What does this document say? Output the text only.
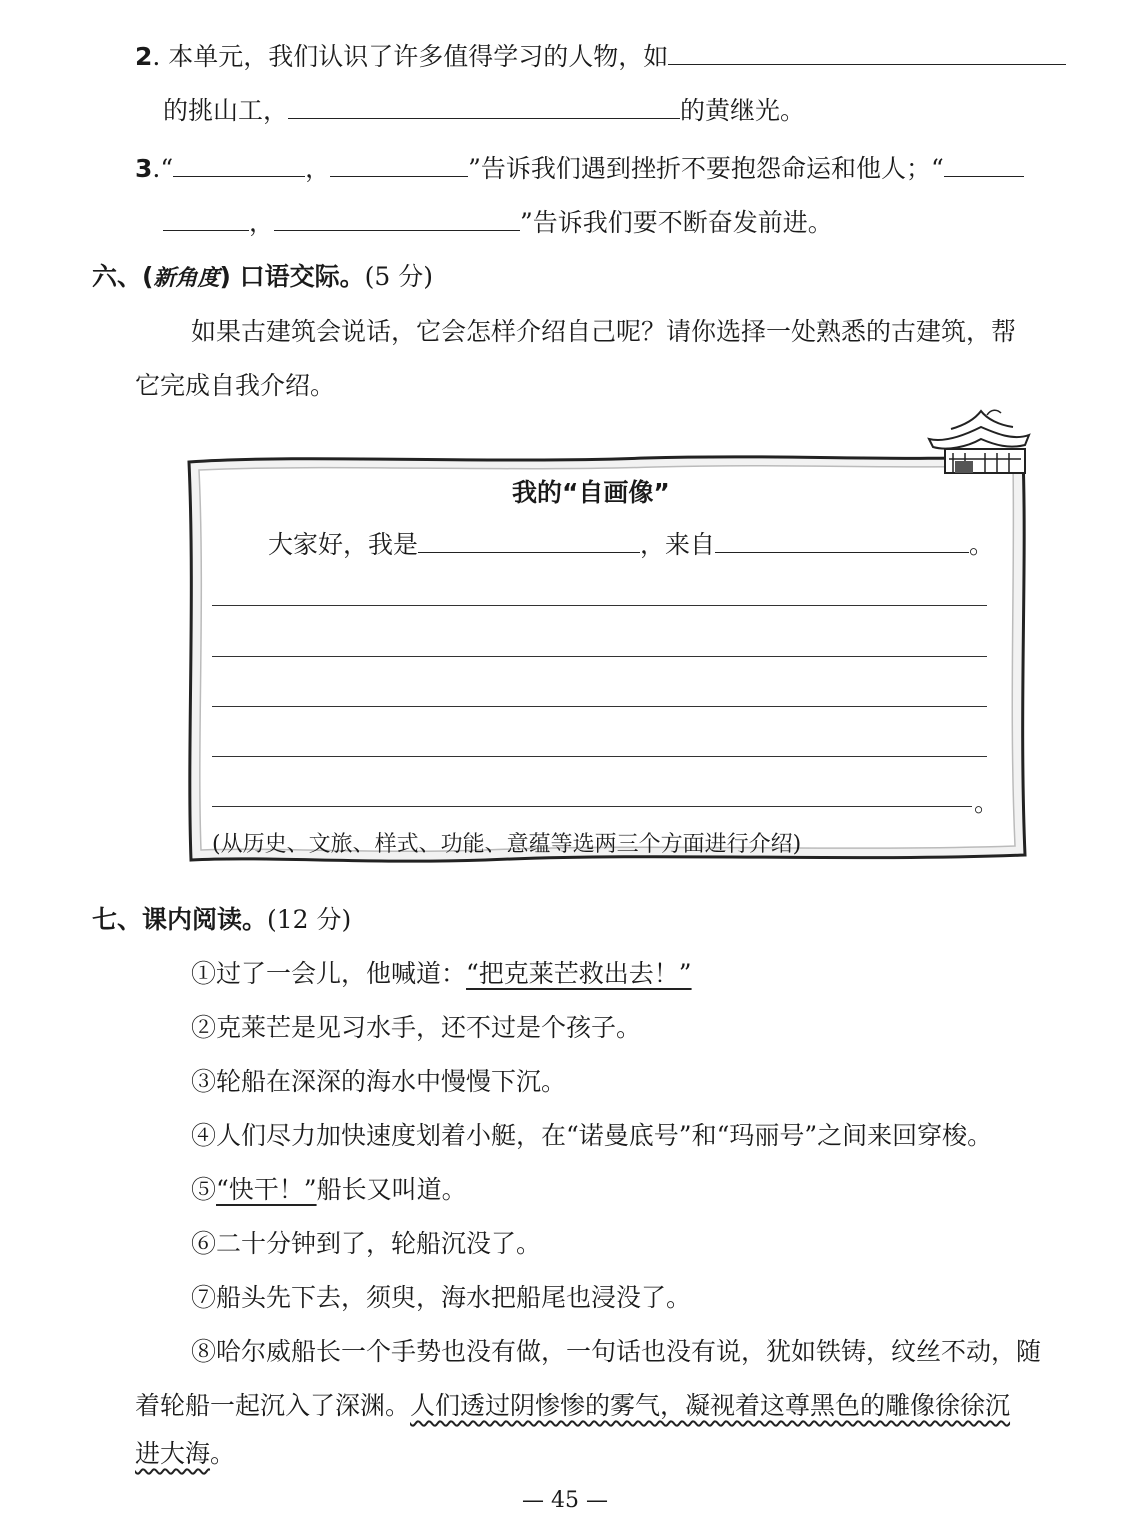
2. 本单元，我们认识了许多值得学习的人物，如
的挑山工，	的黄继光。
3.“	，	”告诉我们遇到挫折不要抱怨命运和他人；“
，	”告诉我们要不断奋发前进。
六、(新角度) 口语交际。(5 分)
如果古建筑会说话，它会怎样介绍自己呢？请你选择一处熟悉的古建筑，帮
它完成自我介绍。
我的“自画像”
大家好，我是	，来自	。
。
(从历史、文旅、样式、功能、意蕴等选两三个方面进行介绍)
七、课内阅读。(12 分)
①过了一会儿，他喊道：“把克莱芒救出去！”
②克莱芒是见习水手，还不过是个孩子。
③轮船在深深的海水中慢慢下沉。
④人们尽力加快速度划着小艇，在“诺曼底号”和“玛丽号”之间来回穿梭。
⑤“快干！”船长又叫道。
⑥二十分钟到了，轮船沉没了。
⑦船头先下去，须臾，海水把船尾也浸没了。
⑧哈尔威船长一个手势也没有做，一句话也没有说，犹如铁铸，纹丝不动，随
着轮船一起沉入了深渊。人们透过阴惨惨的雾气，凝视着这尊黑色的雕像徐徐沉
进大海。
— 45 —
